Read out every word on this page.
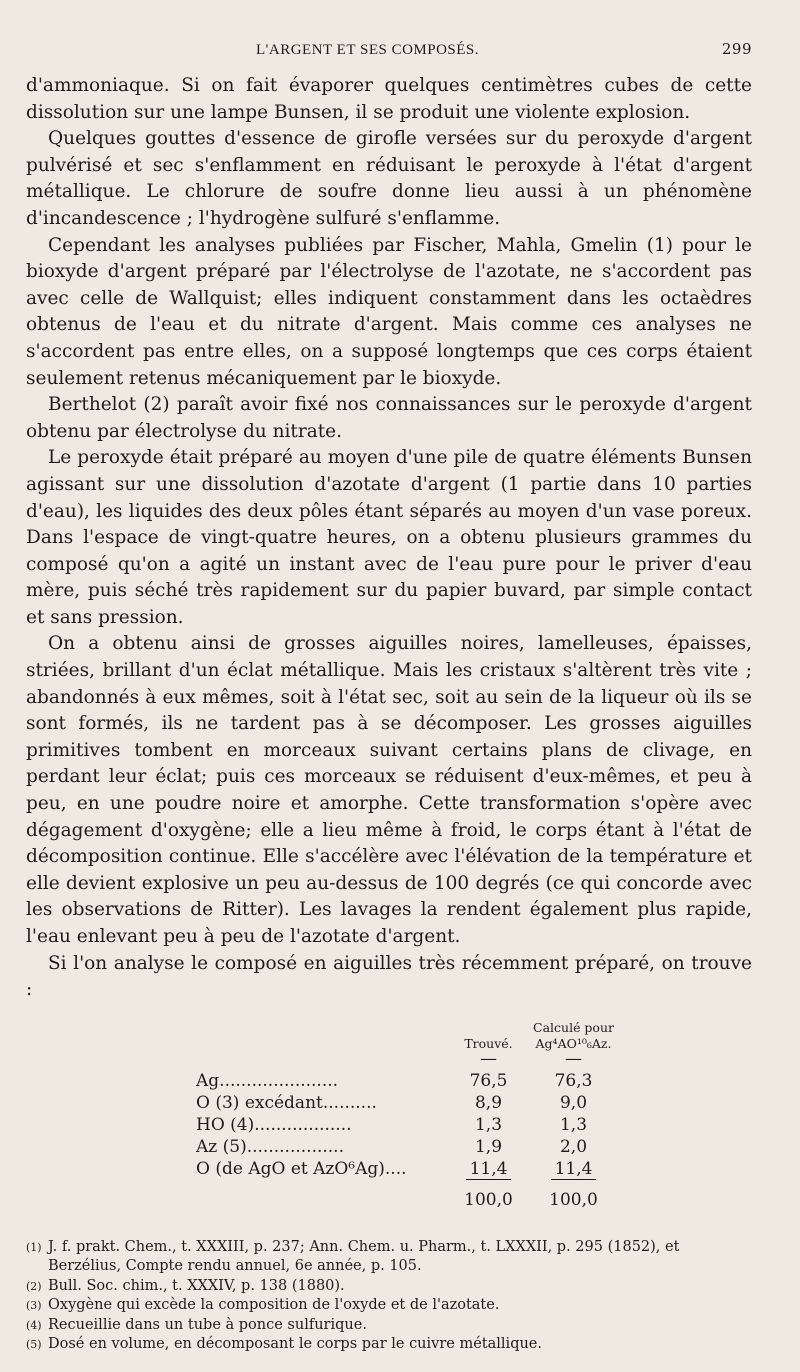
L'ARGENT ET SES COMPOSÉS.	299

d'ammoniaque. Si on fait évaporer quelques centimètres cubes de cette dissolution sur une lampe Bunsen, il se produit une violente explosion.

Quelques gouttes d'essence de girofle versées sur du peroxyde d'argent pulvérisé et sec s'enflamment en réduisant le peroxyde à l'état d'argent métallique. Le chlorure de soufre donne lieu aussi à un phénomène d'incandescence ; l'hydrogène sulfuré s'enflamme.

Cependant les analyses publiées par Fischer, Mahla, Gmelin (1) pour le bioxyde d'argent préparé par l'électrolyse de l'azotate, ne s'accordent pas avec celle de Wallquist; elles indiquent constamment dans les octaèdres obtenus de l'eau et du nitrate d'argent. Mais comme ces analyses ne s'accordent pas entre elles, on a supposé longtemps que ces corps étaient seulement retenus mécaniquement par le bioxyde.

Berthelot (2) paraît avoir fixé nos connaissances sur le peroxyde d'argent obtenu par électrolyse du nitrate.

Le peroxyde était préparé au moyen d'une pile de quatre éléments Bunsen agissant sur une dissolution d'azotate d'argent (1 partie dans 10 parties d'eau), les liquides des deux pôles étant séparés au moyen d'un vase poreux. Dans l'espace de vingt-quatre heures, on a obtenu plusieurs grammes du composé qu'on a agité un instant avec de l'eau pure pour le priver d'eau mère, puis séché très rapidement sur du papier buvard, par simple contact et sans pression.

On a obtenu ainsi de grosses aiguilles noires, lamelleuses, épaisses, striées, brillant d'un éclat métallique. Mais les cristaux s'altèrent très vite ; abandonnés à eux mêmes, soit à l'état sec, soit au sein de la liqueur où ils se sont formés, ils ne tardent pas à se décomposer. Les grosses aiguilles primitives tombent en morceaux suivant certains plans de clivage, en perdant leur éclat; puis ces morceaux se réduisent d'eux-mêmes, et peu à peu, en une poudre noire et amorphe. Cette transformation s'opère avec dégagement d'oxygène; elle a lieu même à froid, le corps étant à l'état de décomposition continue. Elle s'accélère avec l'élévation de la température et elle devient explosive un peu au-dessus de 100 degrés (ce qui concorde avec les observations de Ritter). Les lavages la rendent également plus rapide, l'eau enlevant peu à peu de l'azotate d'argent.

Si l'on analyse le composé en aiguilles très récemment préparé, on trouve :

Trouvé.
Calculé pour
Ag⁴AO¹⁰₆Az.
—	—
Ag......................	76,5	76,3
O (3) excédant..........	8,9	9,0
HO (4)..................	1,3	1,3
Az (5)..................	1,9	2,0
O (de AgO et AzO⁶Ag)....	11,4	11,4
100,0	100,0
(1) J. f. prakt. Chem., t. XXXIII, p. 237; Ann. Chem. u. Pharm., t. LXXXII, p. 295 (1852), et Berzélius, Compte rendu annuel, 6e année, p. 105.
(2) Bull. Soc. chim., t. XXXIV, p. 138 (1880).
(3) Oxygène qui excède la composition de l'oxyde et de l'azotate.
(4) Recueillie dans un tube à ponce sulfurique.
(5) Dosé en volume, en décomposant le corps par le cuivre métallique.
